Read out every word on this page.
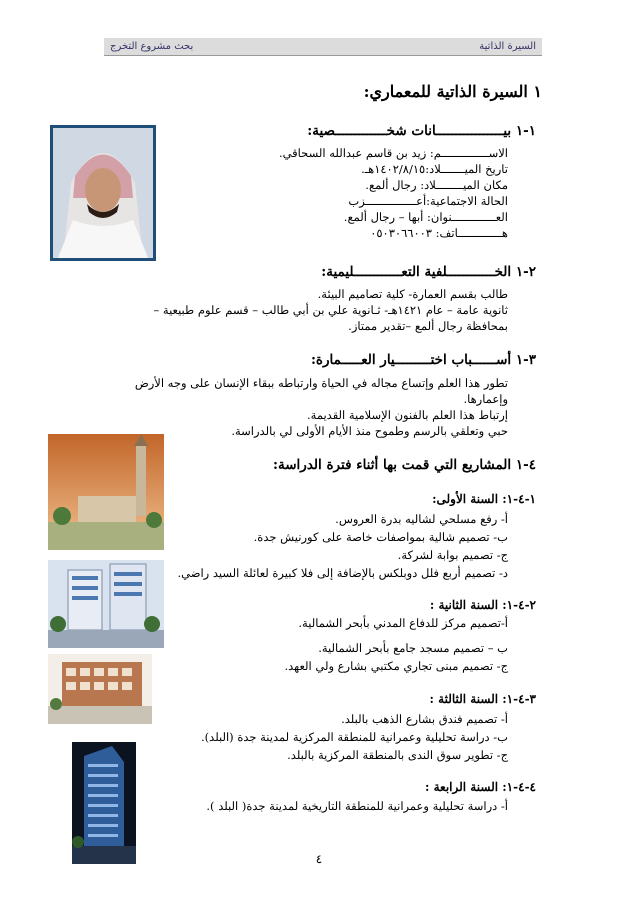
السيرة الذاتية
بحث مشروع التخرج
١ السيرة الذاتية للمعماري:
١-١ بيـــــــــــــــــانات شخـــــــــــــصية:
الاســــــــــــــم: زيد بن قاسم عبدالله السحاقي.
تاريخ الميـــــــلاد:١٤٠٢/٨/١٥هـ.
مكان الميــــــــلاد: رجال ألمع.
الحالة الاجتماعية:أعـــــــــــــــزب
العـــــــــــــنوان: أبها – رجال ألمع.
هـــــــــــــاتف: ٠٥٠٣٠٦٦٠٠٣
٢-١ الخــــــــــــلفية التعــــــــــــليمية:
طالب بقسم العمارة- كلية تصاميم البيئة.
ثانوية عامة – عام ١٤٢١هـ- ثـانوية علي بن أبي طالب – قسم علوم طبيعية –
بمحافظة رجال ألمع –تقدير ممتاز.
٣-١ أســــــباب اختـــــــــيار العـــــمارة:
تطور هذا العلم وإتساع مجاله في الحياة وارتباطه ببقاء الإنسان على وجه الأرض
وإعمارها.
إرتباط هذا العلم بالفنون الإسلامية القديمة.
حبي وتعلقي بالرسم وطموح منذ الأيام الأولى لي بالدراسة.
٤-١ المشاريع التي قمت بها أثناء فترة الدراسة:
١-٤-١: السنة الأولى:
أ- رفع مسلحي لشاليه بدرة العروس.
ب- تصميم شالية بمواصفات خاصة على كورنيش جدة.
ج- تصميم بوابة لشركة.
د- تصميم أربع فلل دوبلكس بالإضافة إلى فلا كبيرة لعائلة السيد راضي.
٢-٤-١: السنة الثانية :
أ-تصميم مركز للدفاع المدني بأبحر الشمالية.
ب – تصميم مسجد جامع بأبحر الشمالية.
ج- تصميم مبنى تجاري مكتبي بشارع ولي العهد.
٣-٤-١: السنة الثالثة :
أ- تصميم فندق بشارع الذهب بالبلد.
ب- دراسة تحليلية وعمرانية للمنطقة المركزية لمدينة جدة (البلد).
ج- تطوير سوق الندى بالمنطقة المركزية بالبلد.
٤-٤-١: السنة الرابعة :
أ- دراسة تحليلية وعمرانية للمنطقة التاريخية لمدينة جدة( البلد ).
٤
